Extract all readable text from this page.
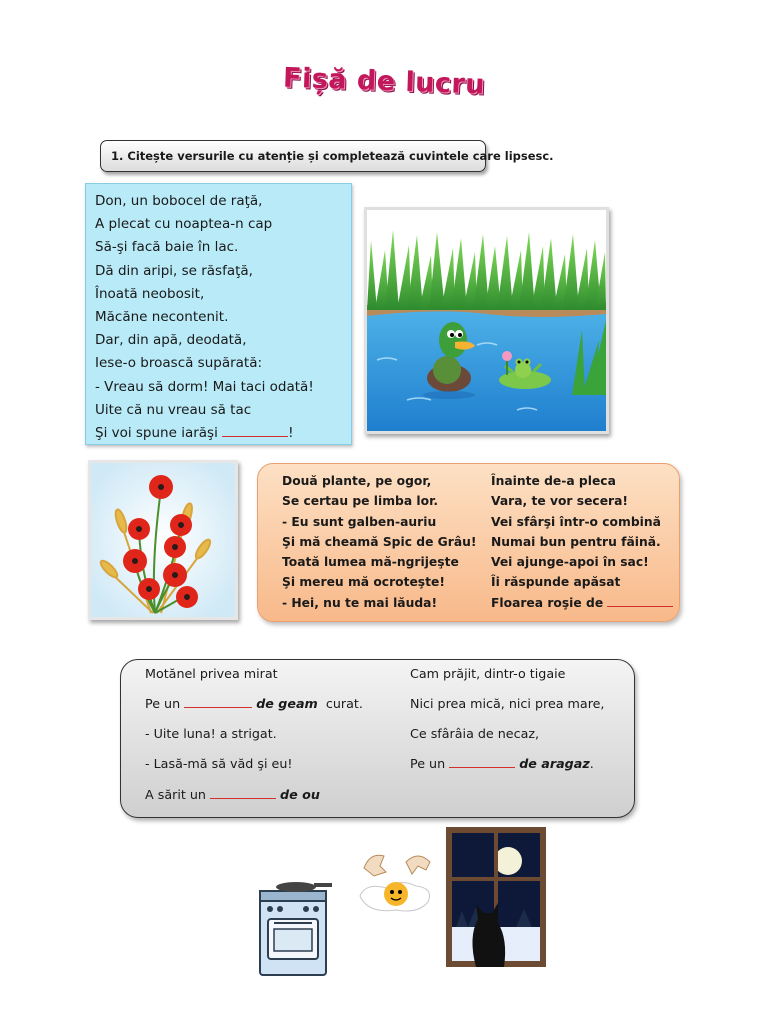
Fișă de lucru
1. Citește versurile cu atenție și completează cuvintele care lipsesc.
Don, un bobocel de raţă,
A plecat cu noaptea-n cap
Să-şi facă baie în lac.
Dă din aripi, se răsfaţă,
Înoată neobosit,
Măcăne necontenit.
Dar, din apă, deodată,
Iese-o broască supărată:
- Vreau să dorm! Mai taci odată!
Uite că nu vreau să tac
Şi voi spune iarăşi	!
Două plante, pe ogor,
Se certau pe limba lor.
- Eu sunt galben-auriu
Şi mă cheamă Spic de Grâu!
Toată lumea mă-ngrijeşte
Şi mereu mă ocroteşte!
- Hei, nu te mai lăuda!
Înainte de-a pleca
Vara, te vor secera!
Vei sfârşi într-o combină
Numai bun pentru făină.
Vei ajunge-apoi în sac!
Îi răspunde apăsat
Floarea roşie de
Motănel privea mirat
Pe un	de geam curat.
- Uite luna! a strigat.
- Lasă-mă să văd şi eu!
A sărit un	de ou
Cam prăjit, dintr-o tigaie
Nici prea mică, nici prea mare,
Ce sfârâia de necaz,
Pe un	de aragaz.
